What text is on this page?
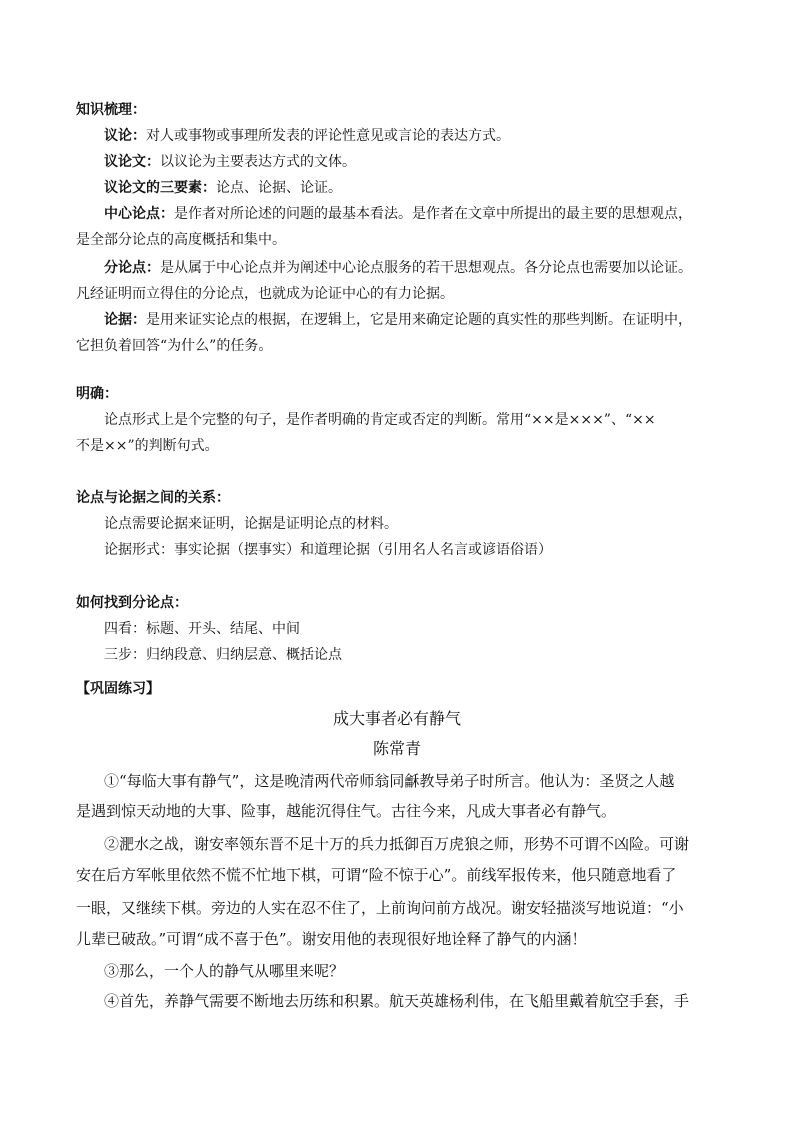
知识梳理：
议论：对人或事物或事理所发表的评论性意见或言论的表达方式。
议论文：以议论为主要表达方式的文体。
议论文的三要素：论点、论据、论证。
中心论点：是作者对所论述的问题的最基本看法。是作者在文章中所提出的最主要的思想观点，
是全部分论点的高度概括和集中。
分论点：是从属于中心论点并为阐述中心论点服务的若干思想观点。各分论点也需要加以论证。
凡经证明而立得住的分论点，也就成为论证中心的有力论据。
论据：是用来证实论点的根据，在逻辑上，它是用来确定论题的真实性的那些判断。在证明中，
它担负着回答“为什么”的任务。
明确：
论点形式上是个完整的句子，是作者明确的肯定或否定的判断。常用“××是×××”、“××
不是××”的判断句式。
论点与论据之间的关系：
论点需要论据来证明，论据是证明论点的材料。
论据形式：事实论据（摆事实）和道理论据（引用名人名言或谚语俗语）
如何找到分论点：
四看：标题、开头、结尾、中间
三步：归纳段意、归纳层意、概括论点
【巩固练习】
成大事者必有静气
陈常青
①“每临大事有静气”，这是晚清两代帝师翁同龢教导弟子时所言。他认为：圣贤之人越
是遇到惊天动地的大事、险事，越能沉得住气。古往今来，凡成大事者必有静气。
②淝水之战，谢安率领东晋不足十万的兵力抵御百万虎狼之师，形势不可谓不凶险。可谢
安在后方军帐里依然不慌不忙地下棋，可谓“险不惊于心”。前线军报传来，他只随意地看了
一眼，又继续下棋。旁边的人实在忍不住了，上前询问前方战况。谢安轻描淡写地说道：“小
儿辈已破敌。”可谓“成不喜于色”。谢安用他的表现很好地诠释了静气的内涵！
③那么，一个人的静气从哪里来呢？
④首先，养静气需要不断地去历练和积累。航天英雄杨利伟，在飞船里戴着航空手套，手
